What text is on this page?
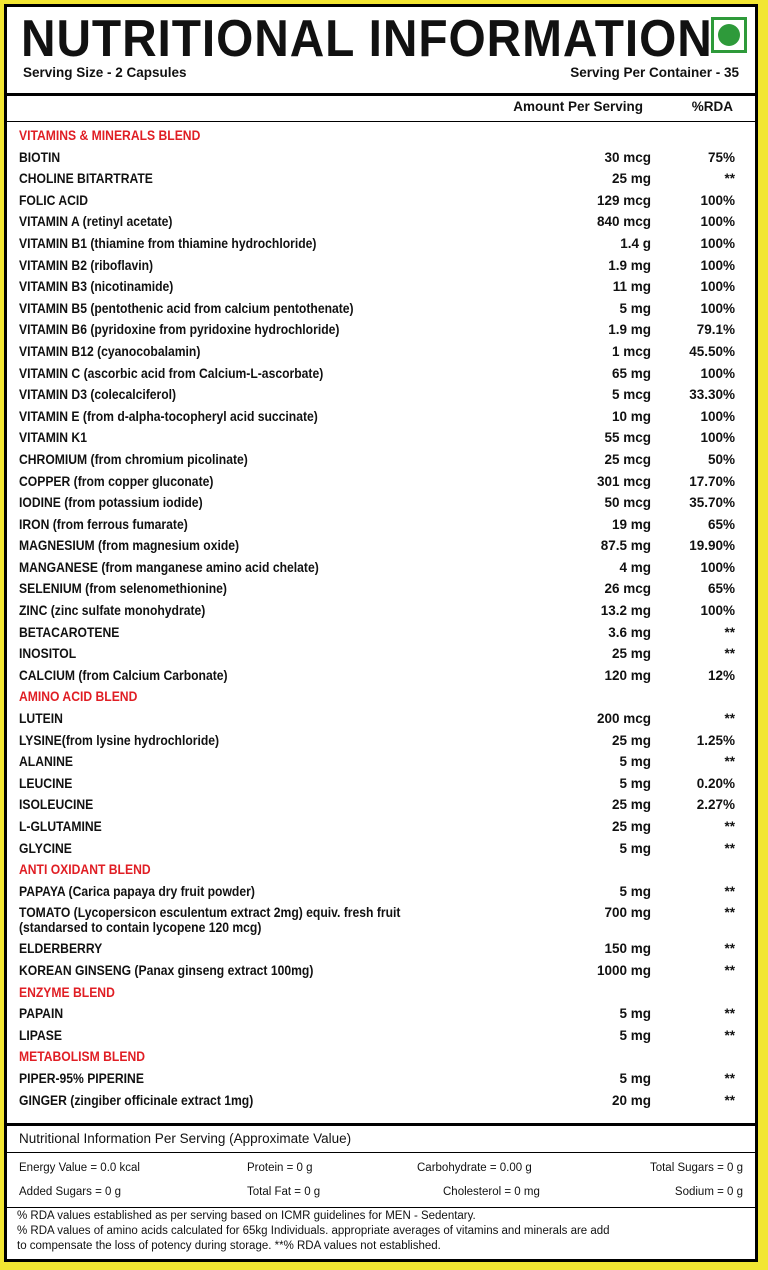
NUTRITIONAL INFORMATION
Serving Size - 2 Capsules	Serving Per Container - 35
Amount Per Serving	%RDA
VITAMINS & MINERALS BLEND
BIOTIN	30 mcg	75%
CHOLINE BITARTRATE	25 mg	**
FOLIC ACID	129 mcg	100%
VITAMIN A (retinyl acetate)	840 mcg	100%
VITAMIN B1 (thiamine from thiamine hydrochloride)	1.4 g	100%
VITAMIN B2 (riboflavin)	1.9 mg	100%
VITAMIN B3 (nicotinamide)	11 mg	100%
VITAMIN B5 (pentothenic acid from calcium pentothenate)	5 mg	100%
VITAMIN B6 (pyridoxine from pyridoxine hydrochloride)	1.9 mg	79.1%
VITAMIN B12 (cyanocobalamin)	1 mcg	45.50%
VITAMIN C (ascorbic acid from Calcium-L-ascorbate)	65 mg	100%
VITAMIN D3 (colecalciferol)	5 mcg	33.30%
VITAMIN E (from d-alpha-tocopheryl acid succinate)	10 mg	100%
VITAMIN K1	55 mcg	100%
CHROMIUM (from chromium picolinate)	25 mcg	50%
COPPER (from copper gluconate)	301 mcg	17.70%
IODINE (from potassium iodide)	50 mcg	35.70%
IRON (from ferrous fumarate)	19 mg	65%
MAGNESIUM (from magnesium oxide)	87.5 mg	19.90%
MANGANESE (from manganese amino acid chelate)	4 mg	100%
SELENIUM (from selenomethionine)	26 mcg	65%
ZINC (zinc sulfate monohydrate)	13.2 mg	100%
BETACAROTENE	3.6 mg	**
INOSITOL	25 mg	**
CALCIUM (from Calcium Carbonate)	120 mg	12%
AMINO ACID BLEND
LUTEIN	200 mcg	**
LYSINE(from lysine hydrochloride)	25 mg	1.25%
ALANINE	5 mg	**
LEUCINE	5 mg	0.20%
ISOLEUCINE	25 mg	2.27%
L-GLUTAMINE	25 mg	**
GLYCINE	5 mg	**
ANTI OXIDANT BLEND
PAPAYA (Carica papaya dry fruit powder)	5 mg	**
TOMATO (Lycopersicon esculentum extract 2mg) equiv. fresh fruit
(standarsed to contain lycopene 120 mcg)
700 mg	**
ELDERBERRY	150 mg	**
KOREAN GINSENG (Panax ginseng extract 100mg)	1000 mg	**
ENZYME BLEND
PAPAIN	5 mg	**
LIPASE	5 mg	**
METABOLISM BLEND
PIPER-95% PIPERINE	5 mg	**
GINGER (zingiber officinale extract 1mg)	20 mg	**
Nutritional Information Per Serving (Approximate Value)
Energy Value = 0.0 kcal	Protein = 0 g	Carbohydrate = 0.00 g	Total Sugars = 0 g
Added Sugars = 0 g	Total Fat = 0 g	Cholesterol = 0 mg	Sodium = 0 g
% RDA values established as per serving based on ICMR guidelines for MEN - Sedentary.
% RDA values of amino acids calculated for 65kg Individuals. appropriate averages of vitamins and minerals are add
to compensate the loss of potency during storage. **% RDA values not established.
